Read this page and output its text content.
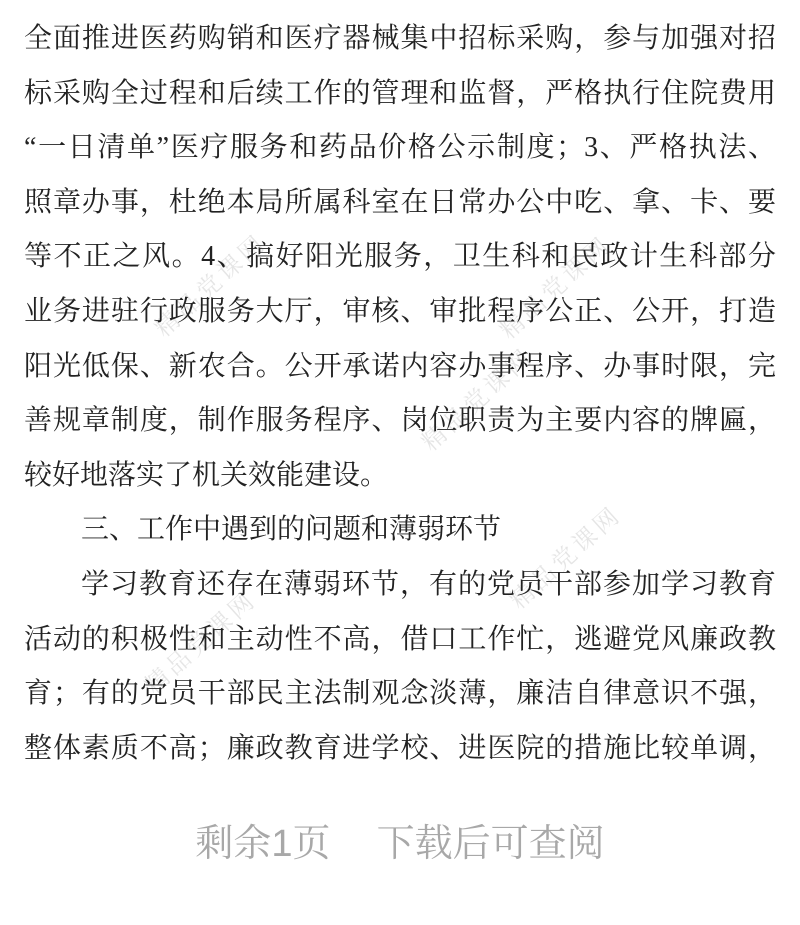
精品党课网	精品党课网
精品党课网
精品党课网
精品党课网
全面推进医药购销和医疗器械集中招标采购，参与加强对招
标采购全过程和后续工作的管理和监督，严格执行住院费用
“一日清单”医疗服务和药品价格公示制度；3、严格执法、
照章办事，杜绝本局所属科室在日常办公中吃、拿、卡、要
等不正之风。4、搞好阳光服务，卫生科和民政计生科部分
业务进驻行政服务大厅，审核、审批程序公正、公开，打造
阳光低保、新农合。公开承诺内容办事程序、办事时限，完
善规章制度，制作服务程序、岗位职责为主要内容的牌匾，
较好地落实了机关效能建设。
三、工作中遇到的问题和薄弱环节
学习教育还存在薄弱环节，有的党员干部参加学习教育
活动的积极性和主动性不高，借口工作忙，逃避党风廉政教
育；有的党员干部民主法制观念淡薄，廉洁自律意识不强，
整体素质不高；廉政教育进学校、进医院的措施比较单调，
剩余1页 下载后可查阅
